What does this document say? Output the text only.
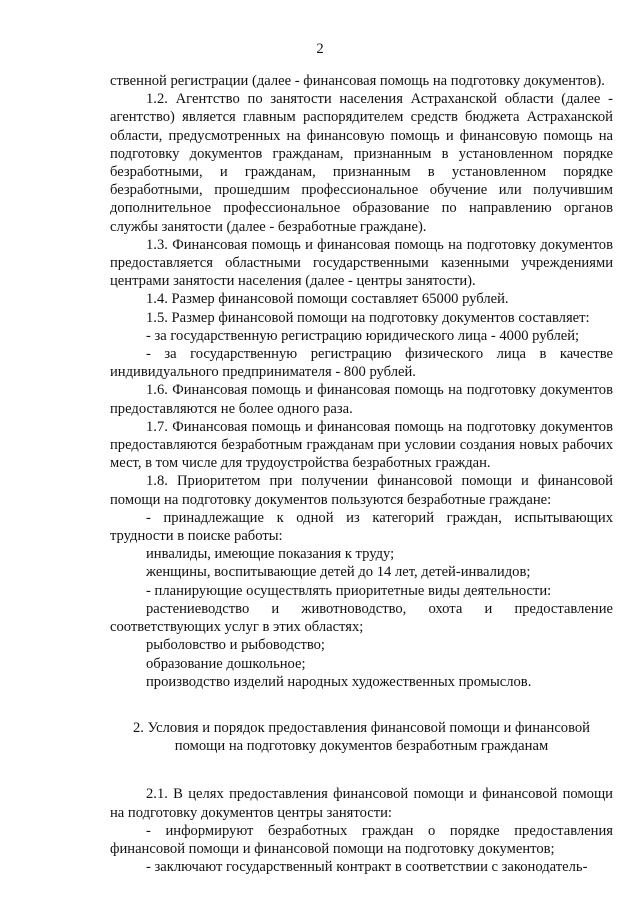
2

ственной регистрации (далее - финансовая помощь на подготовку документов).

1.2. Агентство по занятости населения Астраханской области (далее - агентство) является главным распорядителем средств бюджета Астраханской области, предусмотренных на финансовую помощь и финансовую помощь на подготовку документов гражданам, признанным в установленном порядке безработными, и гражданам, признанным в установленном порядке безработными, прошедшим профессиональное обучение или получившим дополнительное профессиональное образование по направлению органов службы занятости (далее - безработные граждане).

1.3. Финансовая помощь и финансовая помощь на подготовку документов предоставляется областными государственными казенными учреждениями центрами занятости населения (далее - центры занятости).

1.4. Размер финансовой помощи составляет 65000 рублей.

1.5. Размер финансовой помощи на подготовку документов составляет:

- за государственную регистрацию юридического лица - 4000 рублей;

- за государственную регистрацию физического лица в качестве индивидуального предпринимателя - 800 рублей.

1.6. Финансовая помощь и финансовая помощь на подготовку документов предоставляются не более одного раза.

1.7. Финансовая помощь и финансовая помощь на подготовку документов предоставляются безработным гражданам при условии создания новых рабочих мест, в том числе для трудоустройства безработных граждан.

1.8. Приоритетом при получении финансовой помощи и финансовой помощи на подготовку документов пользуются безработные граждане:

- принадлежащие к одной из категорий граждан, испытывающих трудности в поиске работы:

инвалиды, имеющие показания к труду;

женщины, воспитывающие детей до 14 лет, детей-инвалидов;

- планирующие осуществлять приоритетные виды деятельности:

растениеводство и животноводство, охота и предоставление соответствующих услуг в этих областях;

рыболовство и рыбоводство;

образование дошкольное;

производство изделий народных художественных промыслов.

2. Условия и порядок предоставления финансовой помощи и финансовой помощи на подготовку документов безработным гражданам

2.1. В целях предоставления финансовой помощи и финансовой помощи на подготовку документов центры занятости:

- информируют безработных граждан о порядке предоставления финансовой помощи и финансовой помощи на подготовку документов;

- заключают государственный контракт в соответствии с законодатель-
